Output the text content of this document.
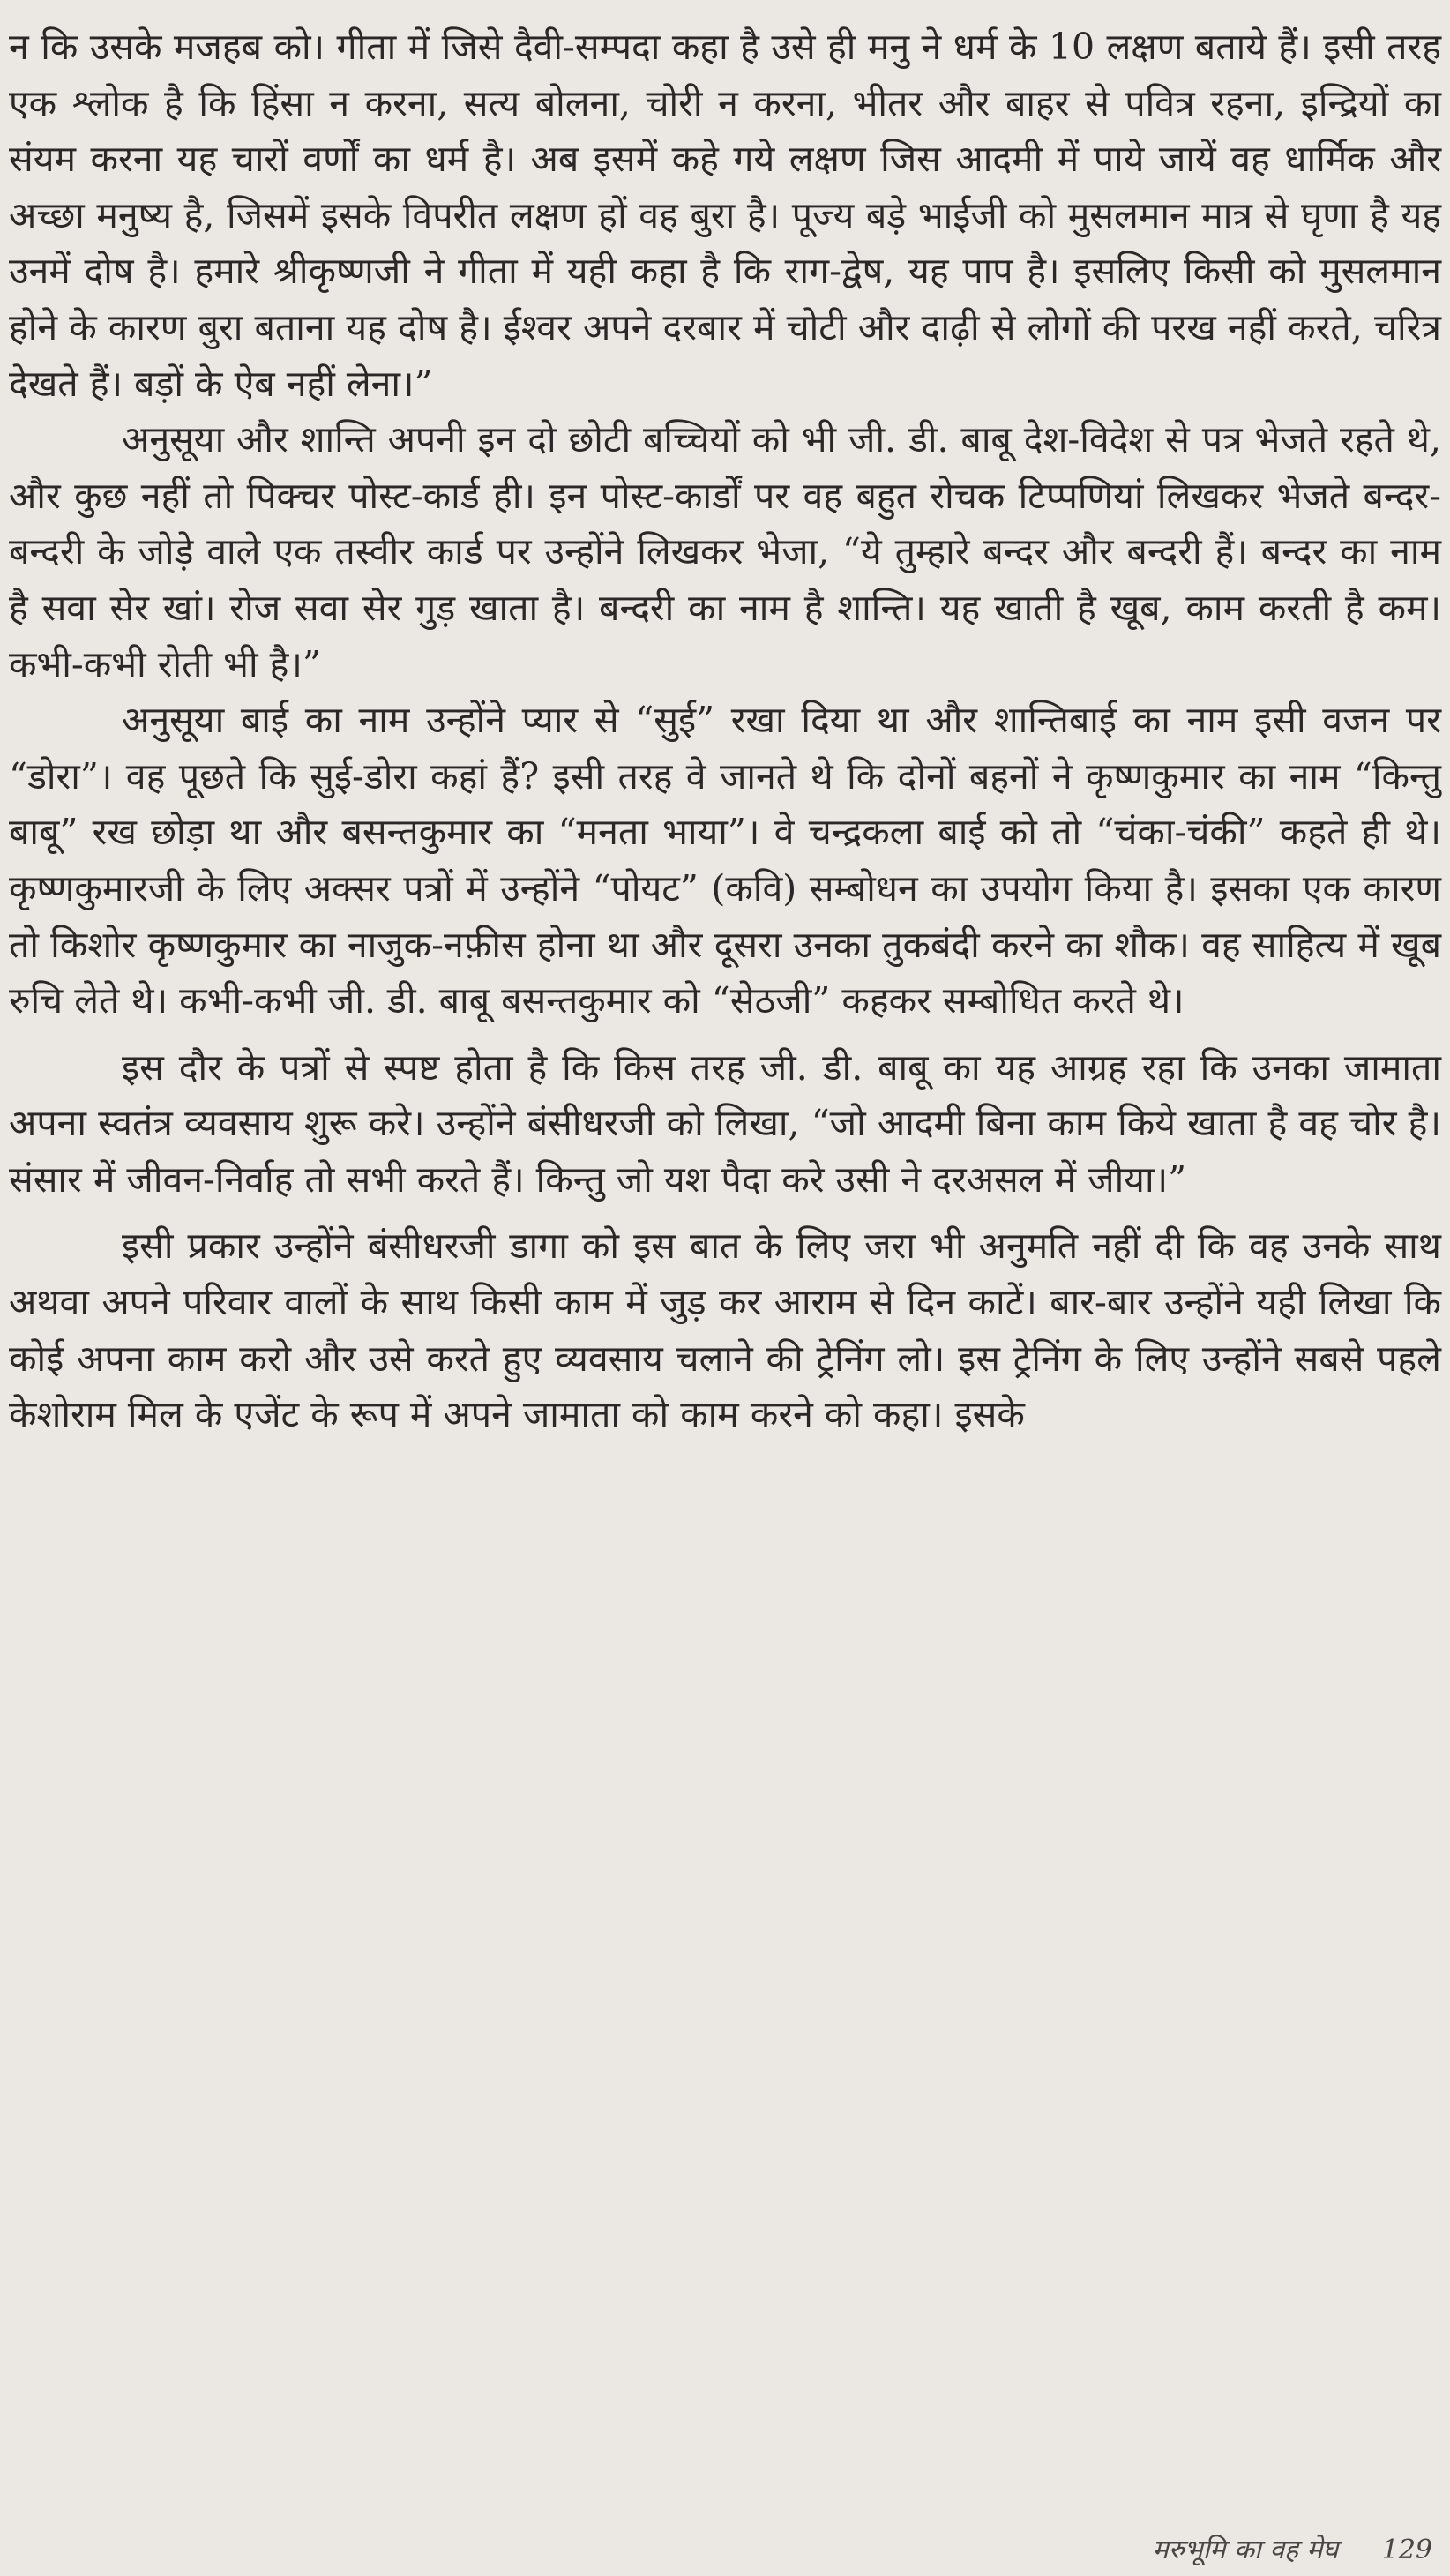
न कि उसके मजहब को। गीता में जिसे दैवी-सम्पदा कहा है उसे ही मनु ने धर्म के 10 लक्षण बताये हैं। इसी तरह एक श्लोक है कि हिंसा न करना, सत्य बोलना, चोरी न करना, भीतर और बाहर से पवित्र रहना, इन्द्रियों का संयम करना यह चारों वर्णों का धर्म है। अब इसमें कहे गये लक्षण जिस आदमी में पाये जायें वह धार्मिक और अच्छा मनुष्य है, जिसमें इसके विपरीत लक्षण हों वह बुरा है। पूज्य बड़े भाईजी को मुसलमान मात्र से घृणा है यह उनमें दोष है। हमारे श्रीकृष्णजी ने गीता में यही कहा है कि राग-द्वेष, यह पाप है। इसलिए किसी को मुसलमान होने के कारण बुरा बताना यह दोष है। ईश्वर अपने दरबार में चोटी और दाढ़ी से लोगों की परख नहीं करते, चरित्र देखते हैं। बड़ों के ऐब नहीं लेना।”

अनुसूया और शान्ति अपनी इन दो छोटी बच्चियों को भी जी. डी. बाबू देश-विदेश से पत्र भेजते रहते थे, और कुछ नहीं तो पिक्चर पोस्ट-कार्ड ही। इन पोस्ट-कार्डों पर वह बहुत रोचक टिप्पणियां लिखकर भेजते बन्दर-बन्दरी के जोड़े वाले एक तस्वीर कार्ड पर उन्होंने लिखकर भेजा, “ये तुम्हारे बन्दर और बन्दरी हैं। बन्दर का नाम है सवा सेर खां। रोज सवा सेर गुड़ खाता है। बन्दरी का नाम है शान्ति। यह खाती है खूब, काम करती है कम। कभी-कभी रोती भी है।”

अनुसूया बाई का नाम उन्होंने प्यार से “सुई” रखा दिया था और शान्तिबाई का नाम इसी वजन पर “डोरा”। वह पूछते कि सुई-डोरा कहां हैं? इसी तरह वे जानते थे कि दोनों बहनों ने कृष्णकुमार का नाम “किन्तु बाबू” रख छोड़ा था और बसन्तकुमार का “मनता भाया”। वे चन्द्रकला बाई को तो “चंका-चंकी” कहते ही थे। कृष्णकुमारजी के लिए अक्सर पत्रों में उन्होंने “पोयट” (कवि) सम्बोधन का उपयोग किया है। इसका एक कारण तो किशोर कृष्णकुमार का नाजुक-नफ़ीस होना था और दूसरा उनका तुकबंदी करने का शौक। वह साहित्य में खूब रुचि लेते थे। कभी-कभी जी. डी. बाबू बसन्तकुमार को “सेठजी” कहकर सम्बोधित करते थे।

इस दौर के पत्रों से स्पष्ट होता है कि किस तरह जी. डी. बाबू का यह आग्रह रहा कि उनका जामाता अपना स्वतंत्र व्यवसाय शुरू करे। उन्होंने बंसीधरजी को लिखा, “जो आदमी बिना काम किये खाता है वह चोर है। संसार में जीवन-निर्वाह तो सभी करते हैं। किन्तु जो यश पैदा करे उसी ने दरअसल में जीया।”

इसी प्रकार उन्होंने बंसीधरजी डागा को इस बात के लिए जरा भी अनुमति नहीं दी कि वह उनके साथ अथवा अपने परिवार वालों के साथ किसी काम में जुड़ कर आराम से दिन काटें। बार-बार उन्होंने यही लिखा कि कोई अपना काम करो और उसे करते हुए व्यवसाय चलाने की ट्रेनिंग लो। इस ट्रेनिंग के लिए उन्होंने सबसे पहले केशोराम मिल के एजेंट के रूप में अपने जामाता को काम करने को कहा। इसके

मरुभूमि का वह मेघ 129
